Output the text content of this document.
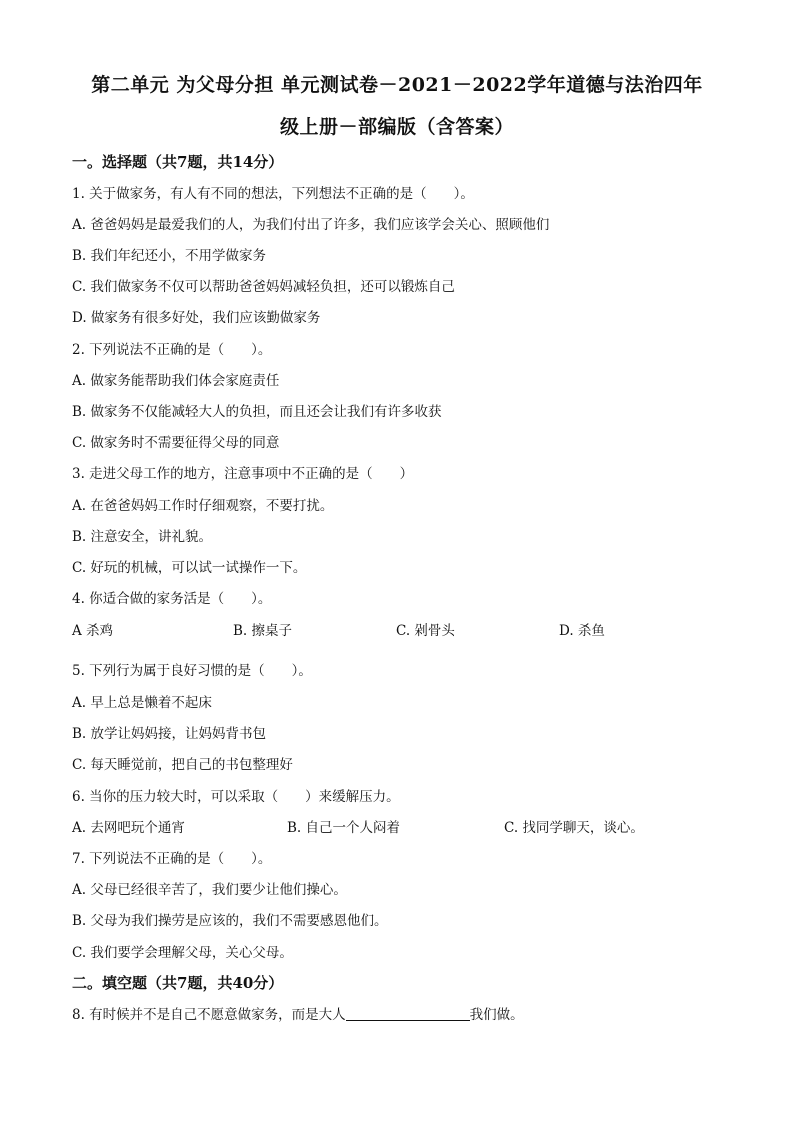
第二单元 为父母分担 单元测试卷－2021－2022学年道德与法治四年
级上册－部编版（含答案）
一。选择题（共7题，共14分）
1. 关于做家务，有人有不同的想法，下列想法不正确的是（　　）。
A. 爸爸妈妈是最爱我们的人，为我们付出了许多，我们应该学会关心、照顾他们
B. 我们年纪还小，不用学做家务
C. 我们做家务不仅可以帮助爸爸妈妈减轻负担，还可以锻炼自己
D. 做家务有很多好处，我们应该勤做家务
2. 下列说法不正确的是（　　）。
A. 做家务能帮助我们体会家庭责任
B. 做家务不仅能减轻大人的负担，而且还会让我们有许多收获
C. 做家务时不需要征得父母的同意
3. 走进父母工作的地方，注意事项中不正确的是（　　）
A. 在爸爸妈妈工作时仔细观察，不要打扰。
B. 注意安全，讲礼貌。
C. 好玩的机械，可以试一试操作一下。
4. 你适合做的家务活是（　　）。
A 杀鸡	B. 擦桌子	C. 剁骨头	D. 杀鱼
5. 下列行为属于良好习惯的是（　　）。
A. 早上总是懒着不起床
B. 放学让妈妈接，让妈妈背书包
C. 每天睡觉前，把自己的书包整理好
6. 当你的压力较大时，可以采取（　　）来缓解压力。
A. 去网吧玩个通宵	B. 自己一个人闷着	C. 找同学聊天，谈心。
7. 下列说法不正确的是（　　）。
A. 父母已经很辛苦了，我们要少让他们操心。
B. 父母为我们操劳是应该的，我们不需要感恩他们。
C. 我们要学会理解父母，关心父母。
二。填空题（共7题，共40分）
8. 有时候并不是自己不愿意做家务，而是大人	我们做。
